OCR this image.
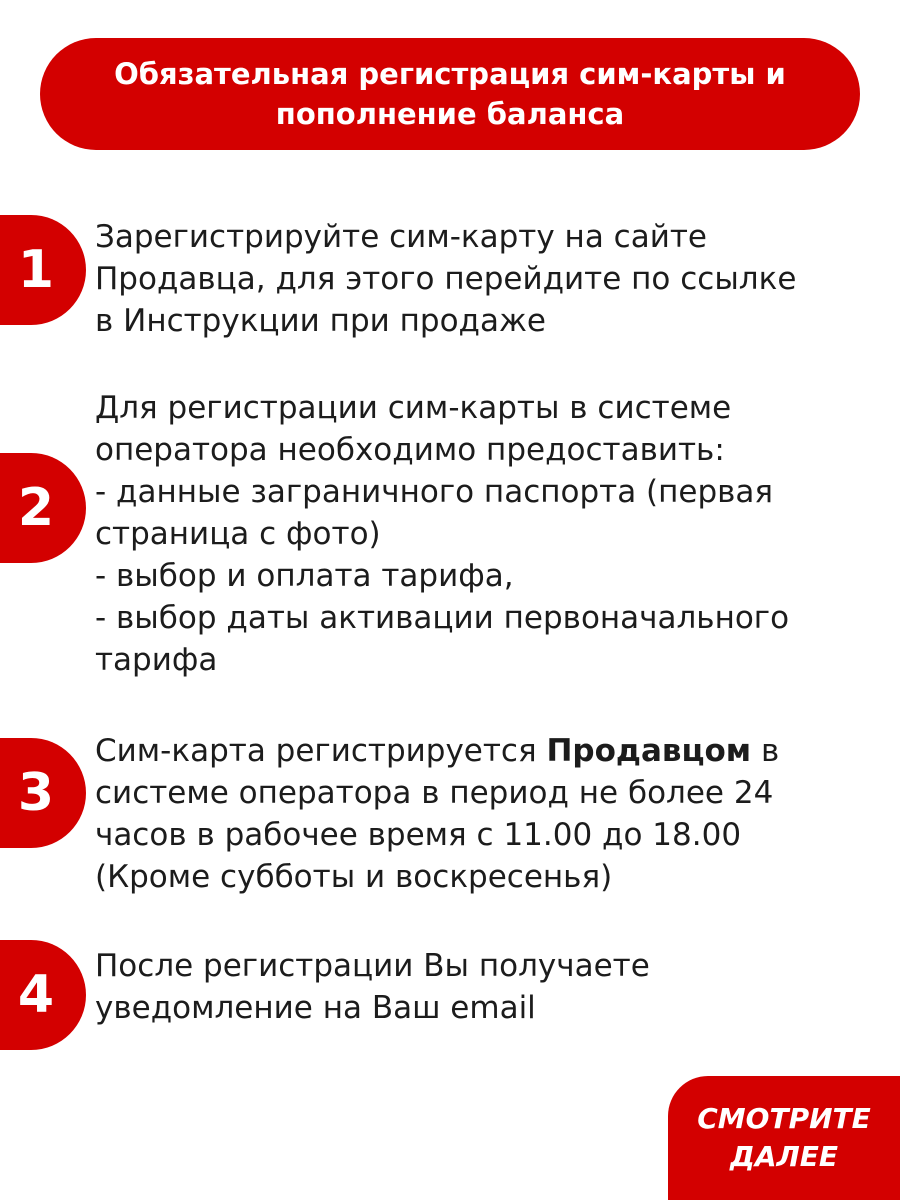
Обязательная регистрация сим-карты и пополнение баланса
1
Зарегистрируйте сим-карту на сайте
Продавца, для этого перейдите по ссылке
в Инструкции при продаже
2
Для регистрации сим-карты в системе
оператора необходимо предоставить:
- данные заграничного паспорта (первая
страница с фото)
- выбор и оплата тарифа,
- выбор даты активации первоначального
тарифа
3
Сим-карта регистрируется Продавцом в
системе оператора в период не более 24
часов в рабочее время с 11.00 до 18.00
(Кроме субботы и воскресенья)
4 После регистрации Вы получаете
уведомление на Ваш email
СМОТРИТЕ
ДАЛЕЕ
